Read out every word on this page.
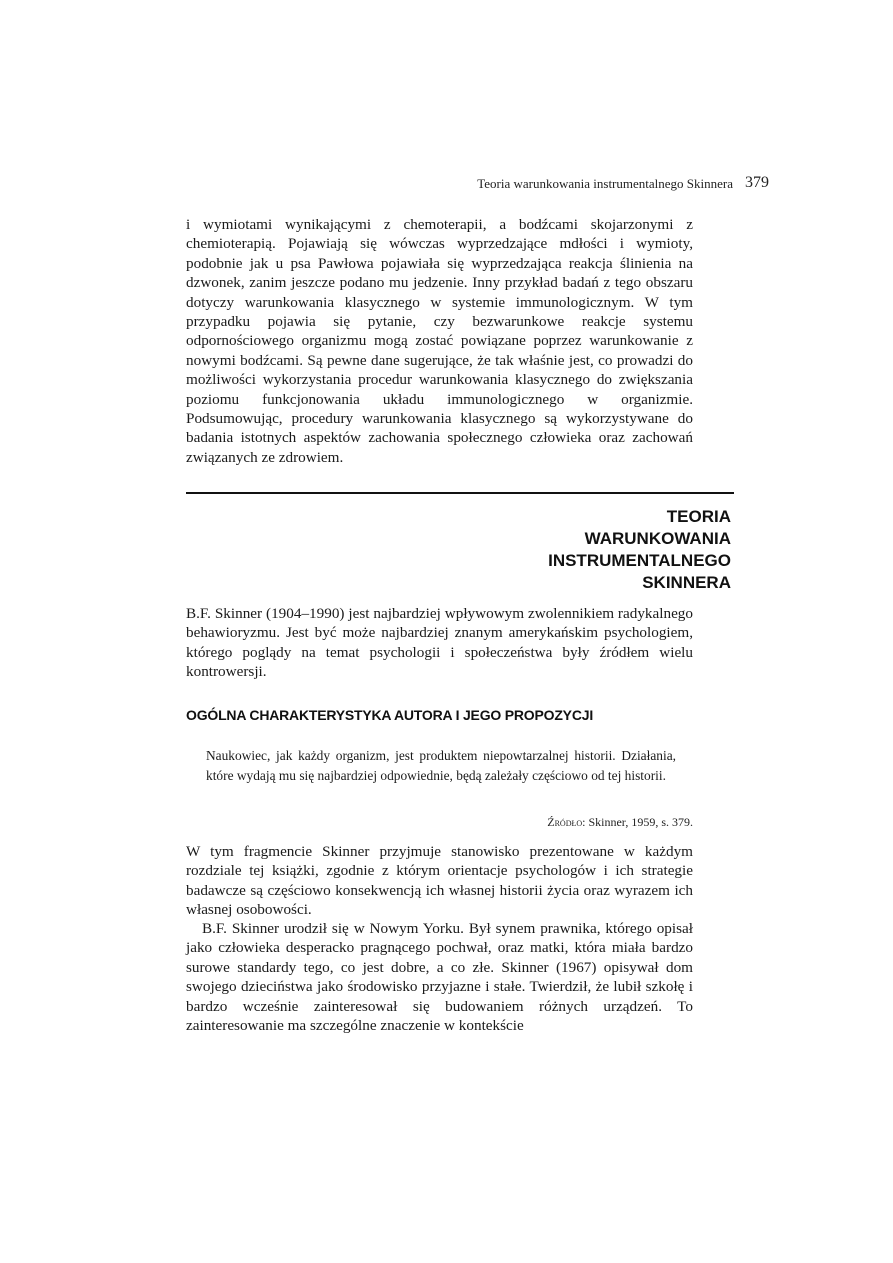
Teoria warunkowania instrumentalnego Skinnera 379

i wymiotami wynikającymi z chemoterapii, a bodźcami skojarzonymi z chemioterapią. Pojawiają się wówczas wyprzedzające mdłości i wymioty, podobnie jak u psa Pawłowa pojawiała się wyprzedzająca reakcja ślinienia na dzwonek, zanim jeszcze podano mu jedzenie. Inny przykład badań z tego obszaru dotyczy warunkowania klasycznego w systemie immunologicznym. W tym przypadku pojawia się pytanie, czy bezwarunkowe reakcje systemu odpornościowego organizmu mogą zostać powiązane poprzez warunkowanie z nowymi bodźcami. Są pewne dane sugerujące, że tak właśnie jest, co prowadzi do możliwości wykorzystania procedur warunkowania klasycznego do zwiększania poziomu funkcjonowania układu immunologicznego w organizmie. Podsumowując, procedury warunkowania klasycznego są wykorzystywane do badania istotnych aspektów zachowania społecznego człowieka oraz zachowań związanych ze zdrowiem.

TEORIA
WARUNKOWANIA
INSTRUMENTALNEGO
SKINNERA

B.F. Skinner (1904–1990) jest najbardziej wpływowym zwolennikiem radykalnego behawioryzmu. Jest być może najbardziej znanym amerykańskim psychologiem, którego poglądy na temat psychologii i społeczeństwa były źródłem wielu kontrowersji.

OGÓLNA CHARAKTERYSTYKA AUTORA I JEGO PROPOZYCJI
Naukowiec, jak każdy organizm, jest produktem niepowtarzalnej historii. Działania, które wydają mu się najbardziej odpowiednie, będą zależały częściowo od tej historii.
Źródło: Skinner, 1959, s. 379.

W tym fragmencie Skinner przyjmuje stanowisko prezentowane w każdym rozdziale tej książki, zgodnie z którym orientacje psychologów i ich strategie badawcze są częściowo konsekwencją ich własnej historii życia oraz wyrazem ich własnej osobowości.

B.F. Skinner urodził się w Nowym Yorku. Był synem prawnika, którego opisał jako człowieka desperacko pragnącego pochwał, oraz matki, która miała bardzo surowe standardy tego, co jest dobre, a co złe. Skinner (1967) opisywał dom swojego dzieciństwa jako środowisko przyjazne i stałe. Twierdził, że lubił szkołę i bardzo wcześnie zainteresował się budowaniem różnych urządzeń. To zainteresowanie ma szczególne znaczenie w kontekście
